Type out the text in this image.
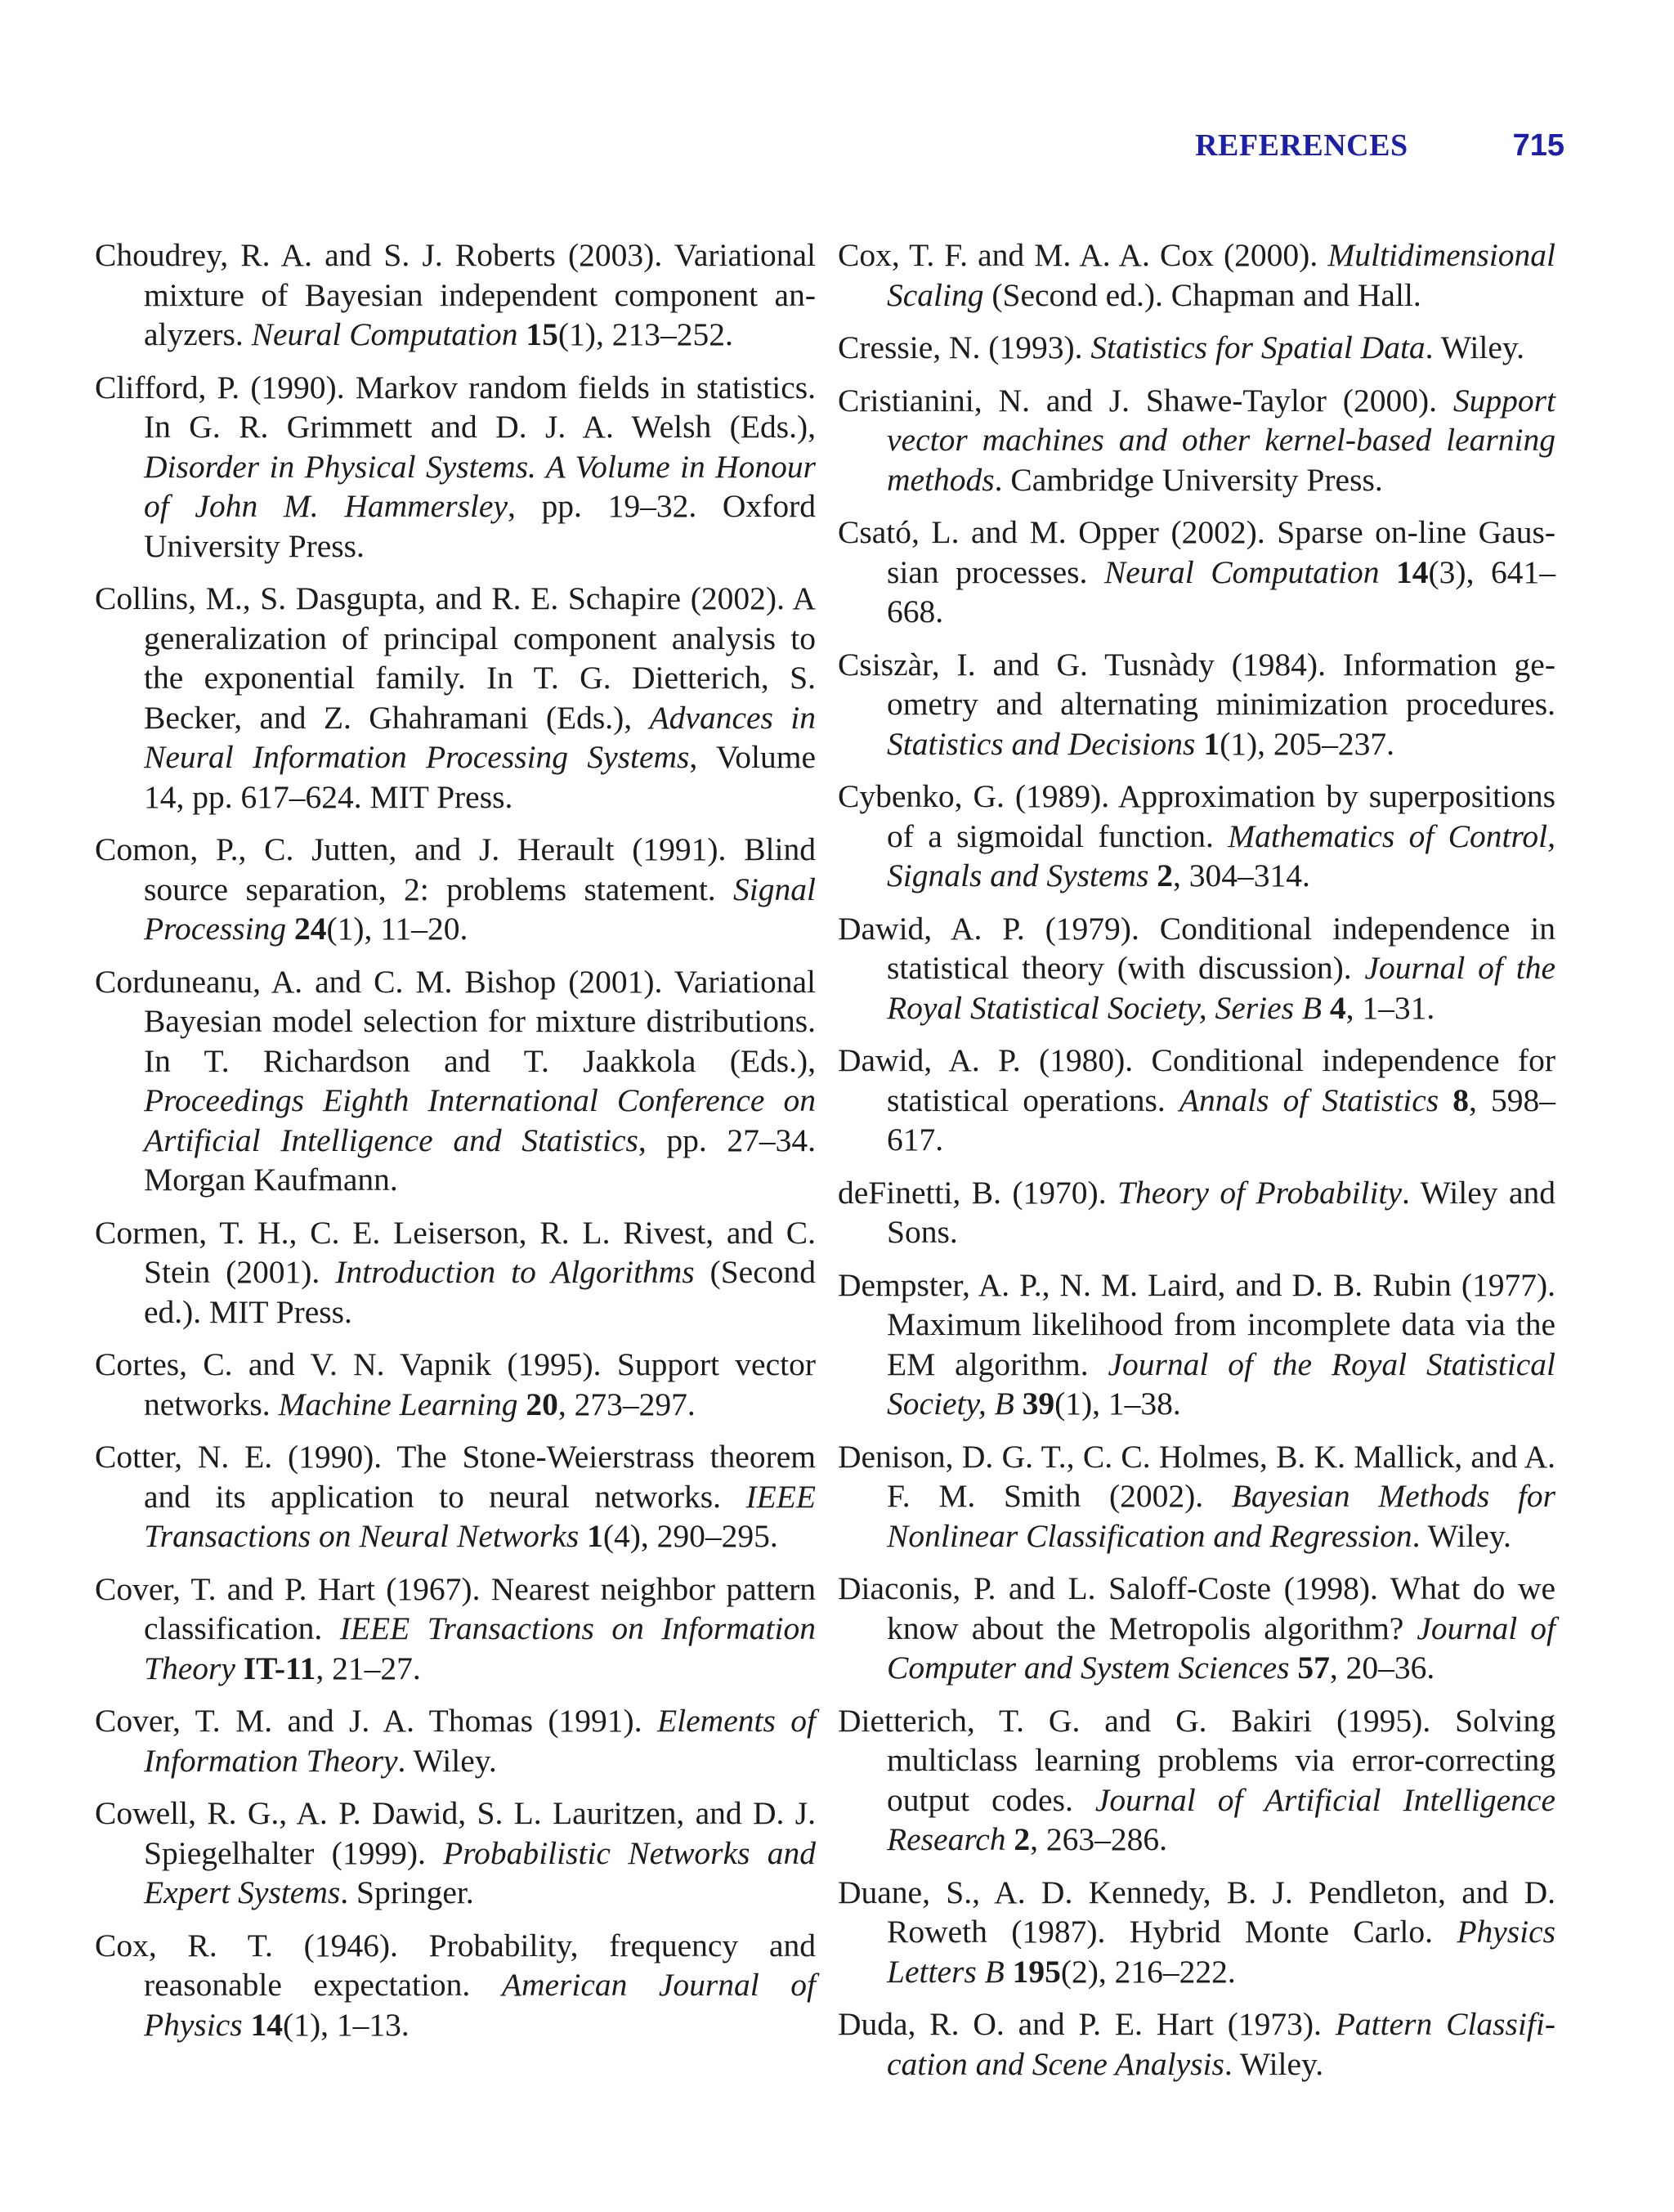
REFERENCES	715

Choudrey, R. A. and S. J. Roberts (2003). Variational mixture of Bayesian independent component analyzers. Neural Computation 15(1), 213–252.

Clifford, P. (1990). Markov random fields in statistics. In G. R. Grimmett and D. J. A. Welsh (Eds.), Disorder in Physical Systems. A Volume in Honour of John M. Hammersley, pp. 19–32. Oxford University Press.

Collins, M., S. Dasgupta, and R. E. Schapire (2002). A generalization of principal component analysis to the exponential family. In T. G. Dietterich, S. Becker, and Z. Ghahramani (Eds.), Advances in Neural Information Processing Systems, Volume 14, pp. 617–624. MIT Press.

Comon, P., C. Jutten, and J. Herault (1991). Blind source separation, 2: problems statement. Signal Processing 24(1), 11–20.

Corduneanu, A. and C. M. Bishop (2001). Variational Bayesian model selection for mixture distributions. In T. Richardson and T. Jaakkola (Eds.), Proceedings Eighth International Conference on Artificial Intelligence and Statistics, pp. 27–34. Morgan Kaufmann.

Cormen, T. H., C. E. Leiserson, R. L. Rivest, and C. Stein (2001). Introduction to Algorithms (Second ed.). MIT Press.

Cortes, C. and V. N. Vapnik (1995). Support vector networks. Machine Learning 20, 273–297.

Cotter, N. E. (1990). The Stone-Weierstrass theorem and its application to neural networks. IEEE Transactions on Neural Networks 1(4), 290–295.

Cover, T. and P. Hart (1967). Nearest neighbor pattern classification. IEEE Transactions on Information Theory IT-11, 21–27.

Cover, T. M. and J. A. Thomas (1991). Elements of Information Theory. Wiley.

Cowell, R. G., A. P. Dawid, S. L. Lauritzen, and D. J. Spiegelhalter (1999). Probabilistic Networks and Expert Systems. Springer.

Cox, R. T. (1946). Probability, frequency and reasonable expectation. American Journal of Physics 14(1), 1–13.

Cox, T. F. and M. A. A. Cox (2000). Multidimensional Scaling (Second ed.). Chapman and Hall.

Cressie, N. (1993). Statistics for Spatial Data. Wiley.

Cristianini, N. and J. Shawe-Taylor (2000). Support vector machines and other kernel-based learning methods. Cambridge University Press.

Csató, L. and M. Opper (2002). Sparse on-line Gaussian processes. Neural Computation 14(3), 641–668.

Csiszàr, I. and G. Tusnàdy (1984). Information geometry and alternating minimization procedures. Statistics and Decisions 1(1), 205–237.

Cybenko, G. (1989). Approximation by superpositions of a sigmoidal function. Mathematics of Control, Signals and Systems 2, 304–314.

Dawid, A. P. (1979). Conditional independence in statistical theory (with discussion). Journal of the Royal Statistical Society, Series B 4, 1–31.

Dawid, A. P. (1980). Conditional independence for statistical operations. Annals of Statistics 8, 598–617.

deFinetti, B. (1970). Theory of Probability. Wiley and Sons.

Dempster, A. P., N. M. Laird, and D. B. Rubin (1977). Maximum likelihood from incomplete data via the EM algorithm. Journal of the Royal Statistical Society, B 39(1), 1–38.

Denison, D. G. T., C. C. Holmes, B. K. Mallick, and A. F. M. Smith (2002). Bayesian Methods for Nonlinear Classification and Regression. Wiley.

Diaconis, P. and L. Saloff-Coste (1998). What do we know about the Metropolis algorithm? Journal of Computer and System Sciences 57, 20–36.

Dietterich, T. G. and G. Bakiri (1995). Solving multiclass learning problems via error-correcting output codes. Journal of Artificial Intelligence Research 2, 263–286.

Duane, S., A. D. Kennedy, B. J. Pendleton, and D. Roweth (1987). Hybrid Monte Carlo. Physics Letters B 195(2), 216–222.

Duda, R. O. and P. E. Hart (1973). Pattern Classification and Scene Analysis. Wiley.
